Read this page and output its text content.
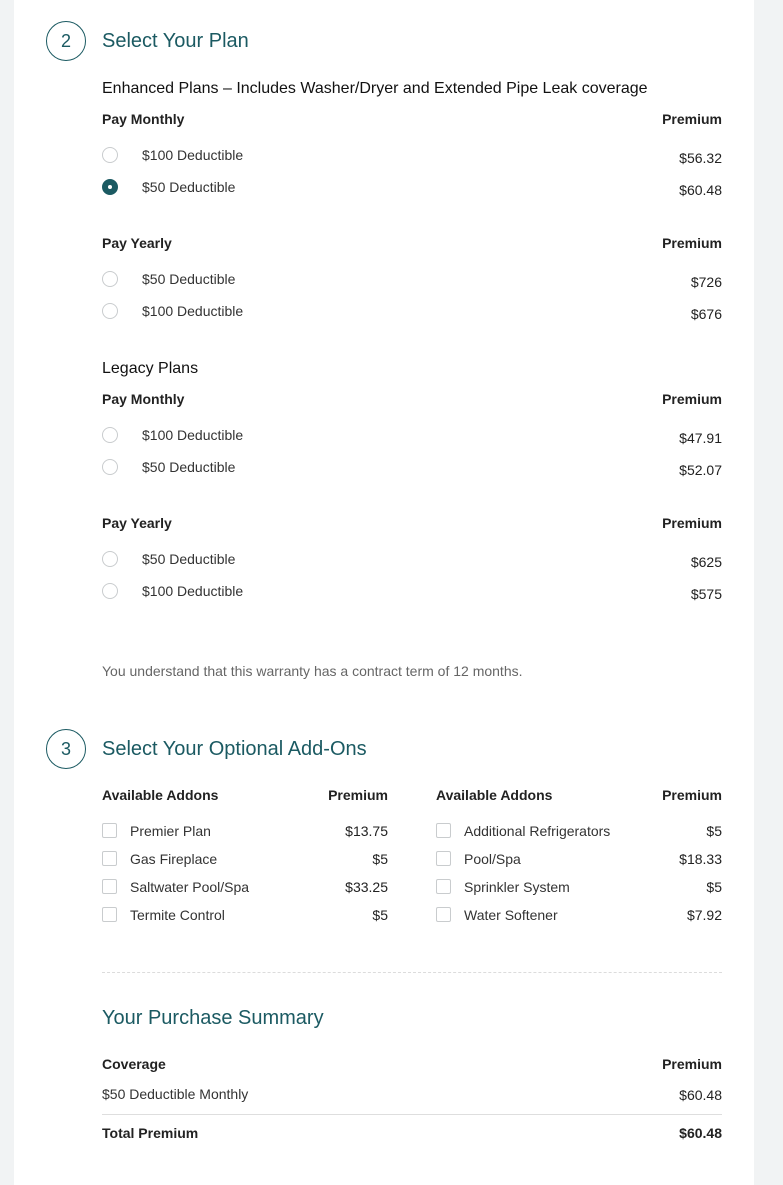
2	Select Your Plan
Enhanced Plans – Includes Washer/Dryer and Extended Pipe Leak coverage
Pay Monthly	Premium
$100 Deductible	$56.32
$50 Deductible	$60.48
Pay Yearly	Premium
$50 Deductible	$726
$100 Deductible	$676
Legacy Plans
Pay Monthly	Premium
$100 Deductible	$47.91
$50 Deductible	$52.07
Pay Yearly	Premium
$50 Deductible	$625
$100 Deductible	$575
You understand that this warranty has a contract term of 12 months.
3	Select Your Optional Add-Ons
Available Addons	Premium
Premier Plan	$13.75
Gas Fireplace	$5
Saltwater Pool/Spa	$33.25
Termite Control	$5
Available Addons	Premium
Additional Refrigerators	$5
Pool/Spa	$18.33
Sprinkler System	$5
Water Softener	$7.92
Your Purchase Summary
Coverage	Premium
$50 Deductible Monthly	$60.48
Total Premium	$60.48
